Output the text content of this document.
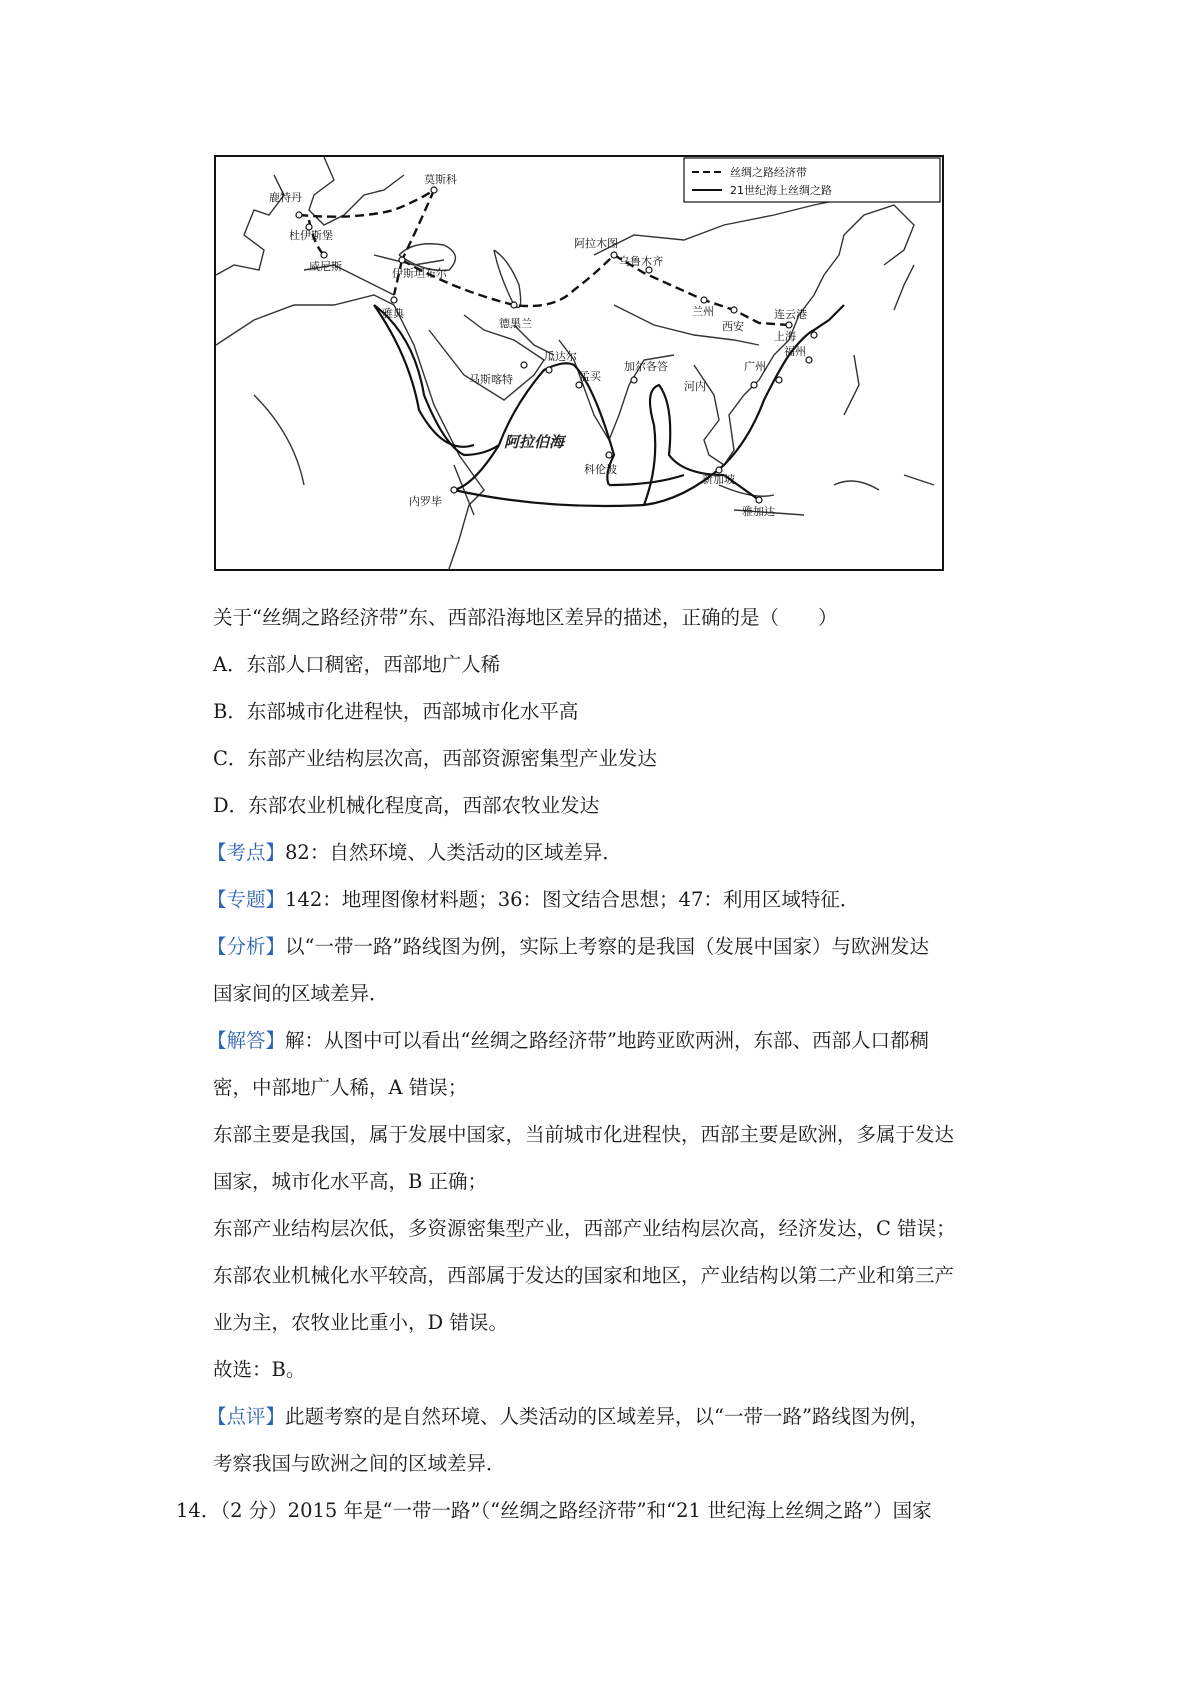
丝绸之路经济带
21世纪海上丝绸之路
鹿特丹
杜伊斯堡
莫斯科
威尼斯
伊斯坦布尔
雅典
德黑兰
阿拉木图
乌鲁木齐
兰州
西安
连云港
上海
福州
广州
河内
瓜达尔
马斯喀特	孟买
加尔各答
科伦坡
新加坡
雅加达
内罗毕
阿拉伯海
关于“丝绸之路经济带”东、西部沿海地区差异的描述，正确的是（　　）
A．东部人口稠密，西部地广人稀
B．东部城市化进程快，西部城市化水平高
C．东部产业结构层次高，西部资源密集型产业发达
D．东部农业机械化程度高，西部农牧业发达
【考点】82：自然环境、人类活动的区域差异．
【专题】142：地理图像材料题；36：图文结合思想；47：利用区域特征．
【分析】以“一带一路”路线图为例，实际上考察的是我国（发展中国家）与欧洲发达
国家间的区域差异．
【解答】解：从图中可以看出“丝绸之路经济带”地跨亚欧两洲，东部、西部人口都稠
密，中部地广人稀，A 错误；
东部主要是我国，属于发展中国家，当前城市化进程快，西部主要是欧洲，多属于发达
国家，城市化水平高，B 正确；
东部产业结构层次低，多资源密集型产业，西部产业结构层次高，经济发达，C 错误；
东部农业机械化水平较高，西部属于发达的国家和地区，产业结构以第二产业和第三产
业为主，农牧业比重小，D 错误。
故选：B。
【点评】此题考察的是自然环境、人类活动的区域差异，以“一带一路”路线图为例，
考察我国与欧洲之间的区域差异．
14．（2 分）2015 年是“一带一路”（“丝绸之路经济带”和“21 世纪海上丝绸之路”）国家
